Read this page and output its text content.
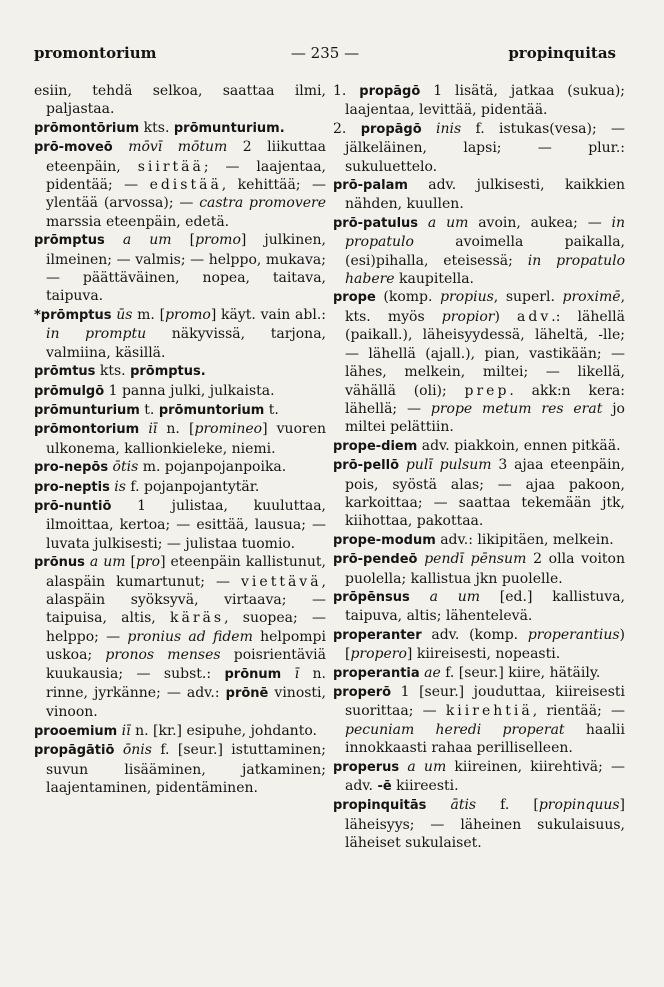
promontorium	— 235 —	propinquitas
esiin, tehdä selkoa, saattaa ilmi, paljastaa.
prōmontōrium kts. prōmunturium.
prō-moveō mōvī mōtum 2 liikuttaa eteenpäin, siirtää; — laajentaa, pidentää; — edistää, kehittää; — ylentää (arvossa); — castra promovere marssia eteenpäin, edetä.
prōmptus a um [promo] julkinen, ilmeinen; — valmis; — helppo, mukava; — päättäväinen, nopea, taitava, taipuva.
*prōmptus ūs m. [promo] käyt. vain abl.: in promptu näkyvissä, tarjona, valmiina, käsillä.
prōmtus kts. prōmptus.
prōmulgō 1 panna julki, julkaista.
prōmunturium t. prōmuntorium t.
prōmontorium iī n. [promineo] vuoren ulkonema, kallionkieleke, niemi.
pro-nepōs ōtis m. pojanpojanpoika.
pro-neptis is f. pojanpojantytär.
prō-nuntiō 1 julistaa, kuuluttaa, ilmoittaa, kertoa; — esittää, lausua; — luvata julkisesti; — julistaa tuomio.
prōnus a um [pro] eteenpäin kallistunut, alaspäin kumartunut; — viettävä, alaspäin syöksyvä, virtaava; — taipuisa, altis, käräs, suopea; — helppo; — pronius ad fidem helpompi uskoa; pronos menses poisrientäviä kuukausia; — subst.: prōnum ī n. rinne, jyrkänne; — adv.: prōnē vinosti, vinoon.
prooemium iī n. [kr.] esipuhe, johdanto.
propāgātiō ōnis f. [seur.] istuttaminen; suvun lisääminen, jatkaminen; laajentaminen, pidentäminen.
1. propāgō 1 lisätä, jatkaa (sukua); laajentaa, levittää, pidentää.
2. propāgō inis f. istukas(vesa); — jälkeläinen, lapsi; — plur.: sukuluettelo.
prō-palam adv. julkisesti, kaikkien nähden, kuullen.
prō-patulus a um avoin, aukea; — in propatulo avoimella paikalla, (esi)pihalla, eteisessä; in propatulo habere kaupitella.
prope (komp. propius, superl. proximē, kts. myös propior) adv.: lähellä (paikall.), läheisyydessä, läheltä, -lle; — lähellä (ajall.), pian, vastikään; — lähes, melkein, miltei; — likellä, vähällä (oli); prep. akk:n kera: lähellä; — prope metum res erat jo miltei pelättiin.
prope-diem adv. piakkoin, ennen pitkää.
prō-pellō pulī pulsum 3 ajaa eteenpäin, pois, syöstä alas; — ajaa pakoon, karkoittaa; — saattaa tekemään jtk, kiihottaa, pakottaa.
prope-modum adv.: likipitäen, melkein.
prō-pendeō pendī pēnsum 2 olla voiton puolella; kallistua jkn puolelle.
prōpēnsus a um [ed.] kallistuva, taipuva, altis; lähentelevä.
properanter adv. (komp. properantius) [propero] kiireisesti, nopeasti.
properantia ae f. [seur.] kiire, hätäily.
properō 1 [seur.] jouduttaa, kiireisesti suorittaa; — kiirehtiä, rientää; — pecuniam heredi properat haalii innokkaasti rahaa perilliselleen.
properus a um kiireinen, kiirehtivä; — adv. -ē kiireesti.
propinquitās ātis f. [propinquus] läheisyys; — läheinen sukulaisuus, läheiset sukulaiset.
